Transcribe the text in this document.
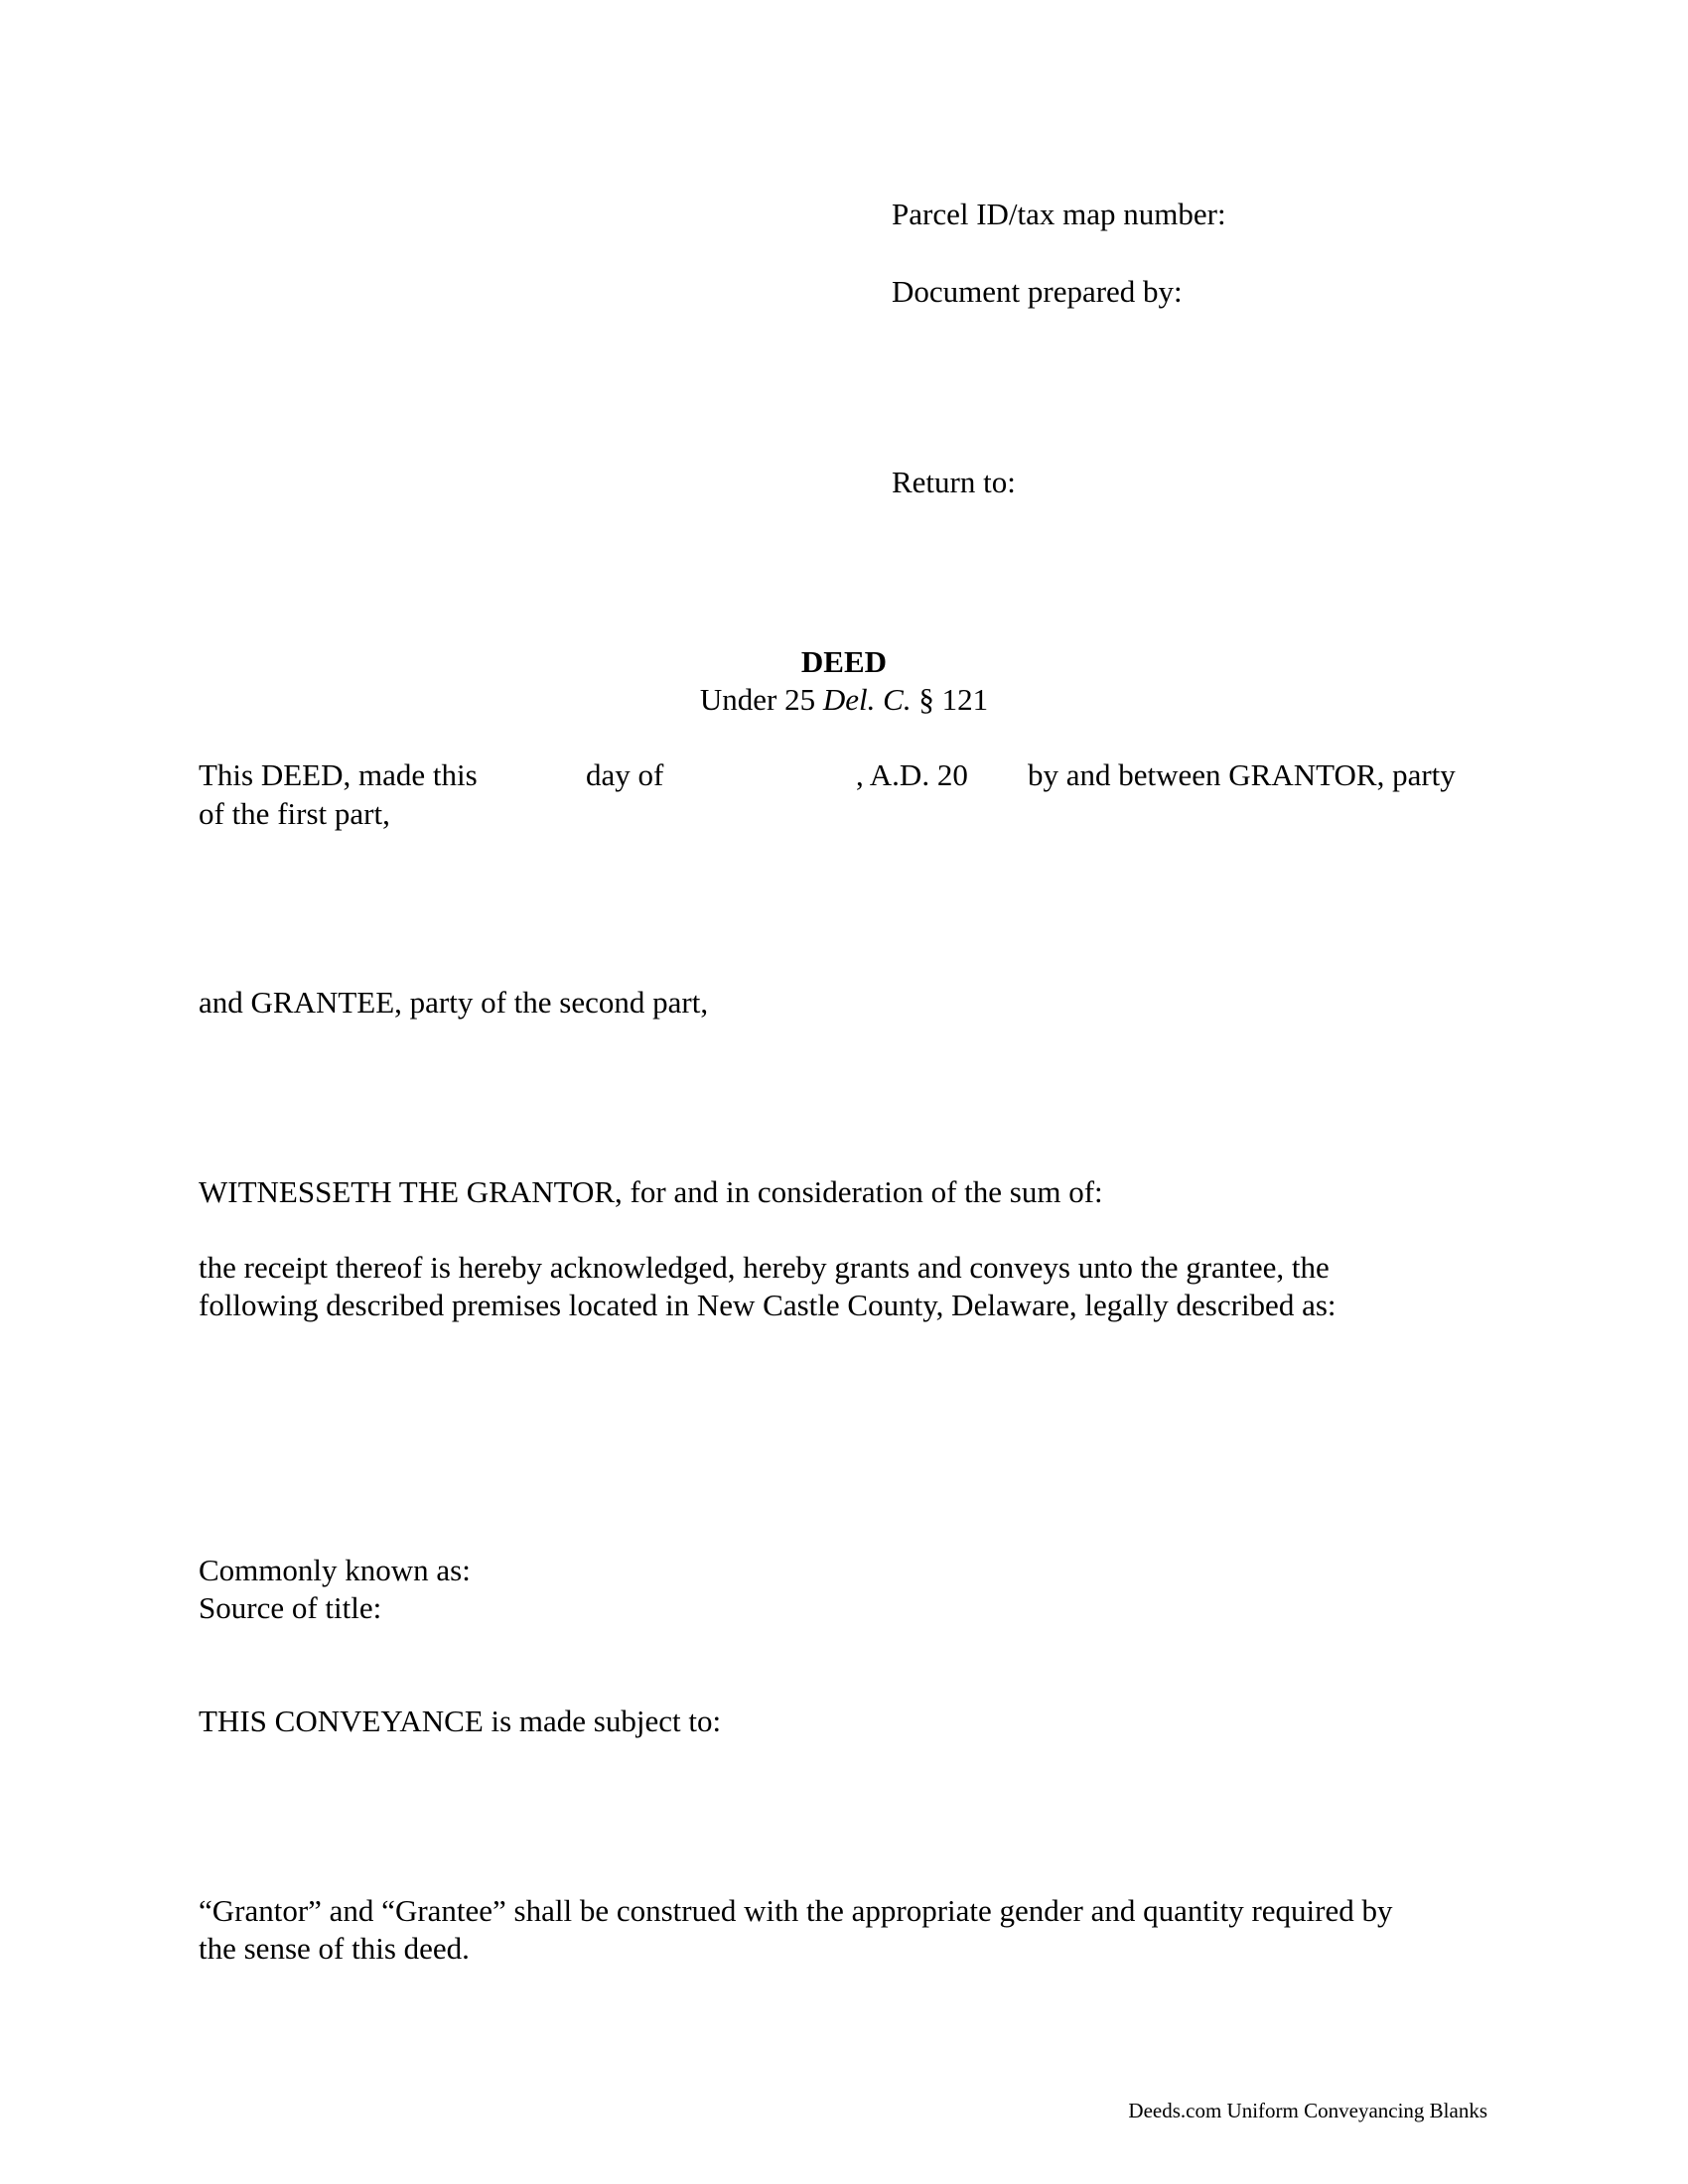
Parcel ID/tax map number:
Document prepared by:
Return to:
DEED
Under 25 Del. C. § 121
This DEED, made this	day of	, A.D. 20 by and between GRANTOR, party
of the first part,
and GRANTEE, party of the second part,
WITNESSETH THE GRANTOR, for and in consideration of the sum of:
the receipt thereof is hereby acknowledged, hereby grants and conveys unto the grantee, the
following described premises located in New Castle County, Delaware, legally described as:
Commonly known as:
Source of title:
THIS CONVEYANCE is made subject to:
“Grantor” and “Grantee” shall be construed with the appropriate gender and quantity required by
the sense of this deed.
Deeds.com Uniform Conveyancing Blanks
